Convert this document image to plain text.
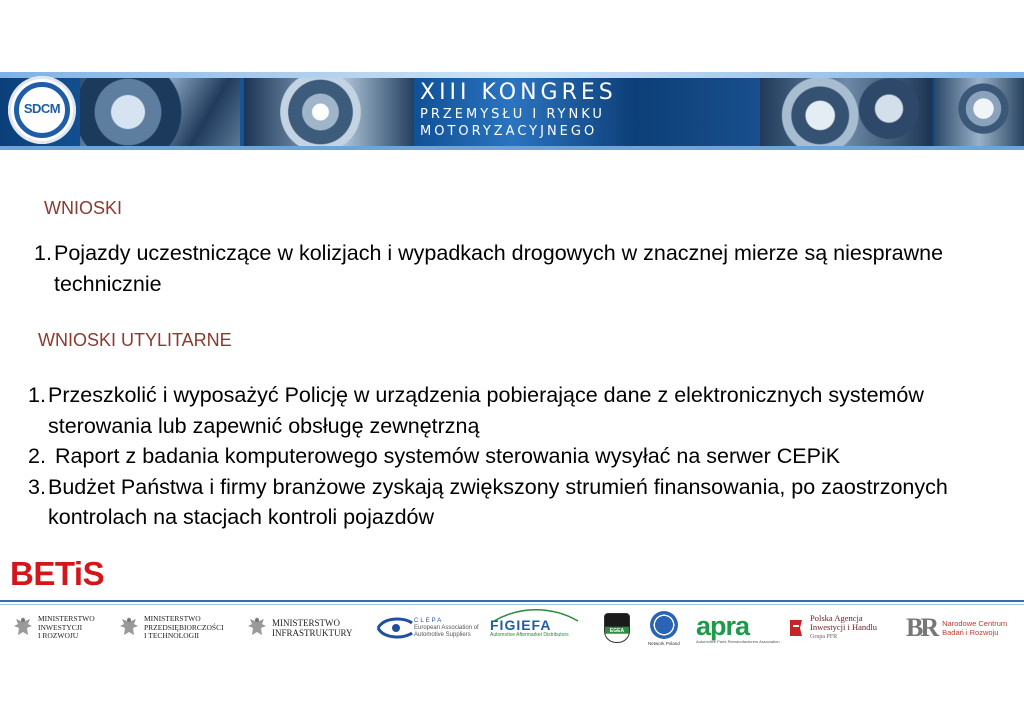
XIII KONGRES
PRZEMYSŁU I RYNKU
MOTORYZACYJNEGO
SDCM
WNIOSKI
1. Pojazdy uczestniczące w kolizjach i wypadkach drogowych w znacznej mierze są niesprawne technicznie
WNIOSKI UTYLITARNE
1. Przeszkolić i wyposażyć Policję w urządzenia pobierające dane z elektronicznych systemów sterowania lub zapewnić obsługę zewnętrzną
2. Raport z badania komputerowego systemów sterowania wysyłać na serwer CEPiK
3. Budżet Państwa i firmy branżowe zyskają zwiększony strumień finansowania, po zaostrzonych kontrolach na stacjach kontroli pojazdów
BETiS
MINISTERSTWO
INWESTYCJI
I ROZWOJU
MINISTERSTWO
PRZEDSIĘBIORCZOŚCI
I TECHNOLOGII
MINISTERSTWO
INFRASTRUKTURY
CLEPA
European Association of
Automotive Suppliers
FIGIEFA
Automotive Aftermarket Distributors
EGEA
Network Poland
apra
Automotive Parts Remanufacturers Association
Polska Agencja
Inwestycji i Handlu
Grupa PFR	BR Narodowe Centrum
Badań i Rozwoju
